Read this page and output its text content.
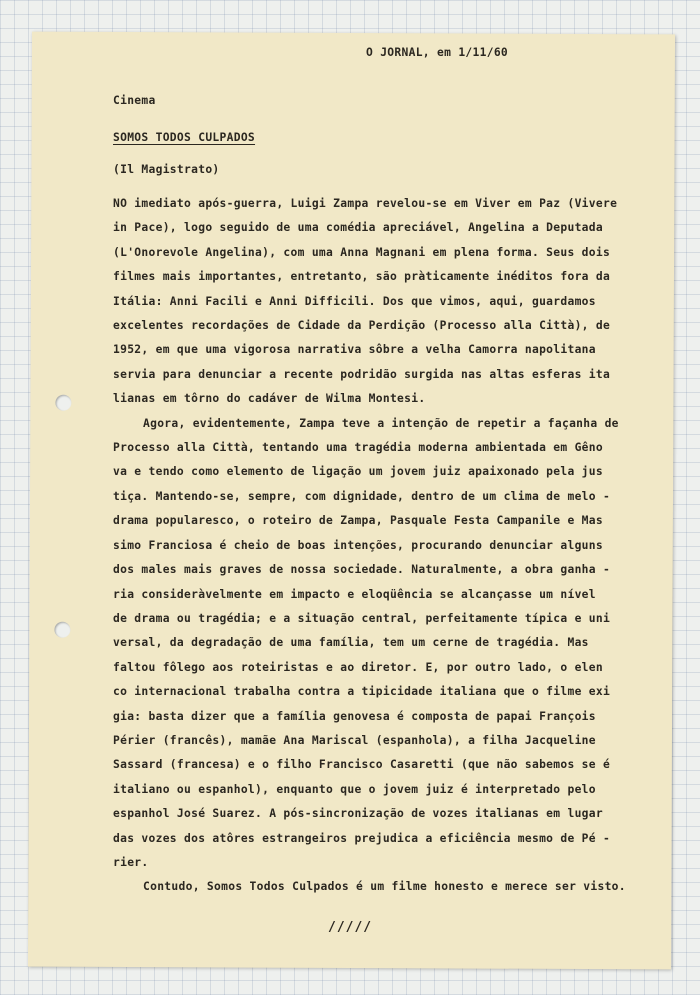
O JORNAL, em 1/11/60
Cinema
SOMOS TODOS CULPADOS
(Il Magistrato)
NO imediato após-guerra, Luigi Zampa revelou-se em Viver em Paz (Vivere
in Pace), logo seguido de uma comédia apreciável, Angelina a Deputada
(L'Onorevole Angelina), com uma Anna Magnani em plena forma. Seus dois
filmes mais importantes, entretanto, são pràticamente inéditos fora da
Itália: Anni Facili e Anni Difficili. Dos que vimos, aqui, guardamos
excelentes recordações de Cidade da Perdição (Processo alla Città), de
1952, em que uma vigorosa narrativa sôbre a velha Camorra napolitana
servia para denunciar a recente podridão surgida nas altas esferas ita
lianas em tôrno do cadáver de Wilma Montesi.
Agora, evidentemente, Zampa teve a intenção de repetir a façanha de
Processo alla Città, tentando uma tragédia moderna ambientada em Gêno
va e tendo como elemento de ligação um jovem juiz apaixonado pela jus
tiça. Mantendo-se, sempre, com dignidade, dentro de um clima de melo -
drama popularesco, o roteiro de Zampa, Pasquale Festa Campanile e Mas
simo Franciosa é cheio de boas intenções, procurando denunciar alguns
dos males mais graves de nossa sociedade. Naturalmente, a obra ganha -
ria consideràvelmente em impacto e eloqüência se alcançasse um nível
de drama ou tragédia; e a situação central, perfeitamente típica e uni
versal, da degradação de uma família, tem um cerne de tragédia. Mas
faltou fôlego aos roteiristas e ao diretor. E, por outro lado, o elen
co internacional trabalha contra a tipicidade italiana que o filme exi
gia: basta dizer que a família genovesa é composta de papai François
Périer (francês), mamãe Ana Mariscal (espanhola), a filha Jacqueline
Sassard (francesa) e o filho Francisco Casaretti (que não sabemos se é
italiano ou espanhol), enquanto que o jovem juiz é interpretado pelo
espanhol José Suarez. A pós-sincronização de vozes italianas em lugar
das vozes dos atôres estrangeiros prejudica a eficiência mesmo de Pé -
rier.
Contudo, Somos Todos Culpados é um filme honesto e merece ser visto.
/////
